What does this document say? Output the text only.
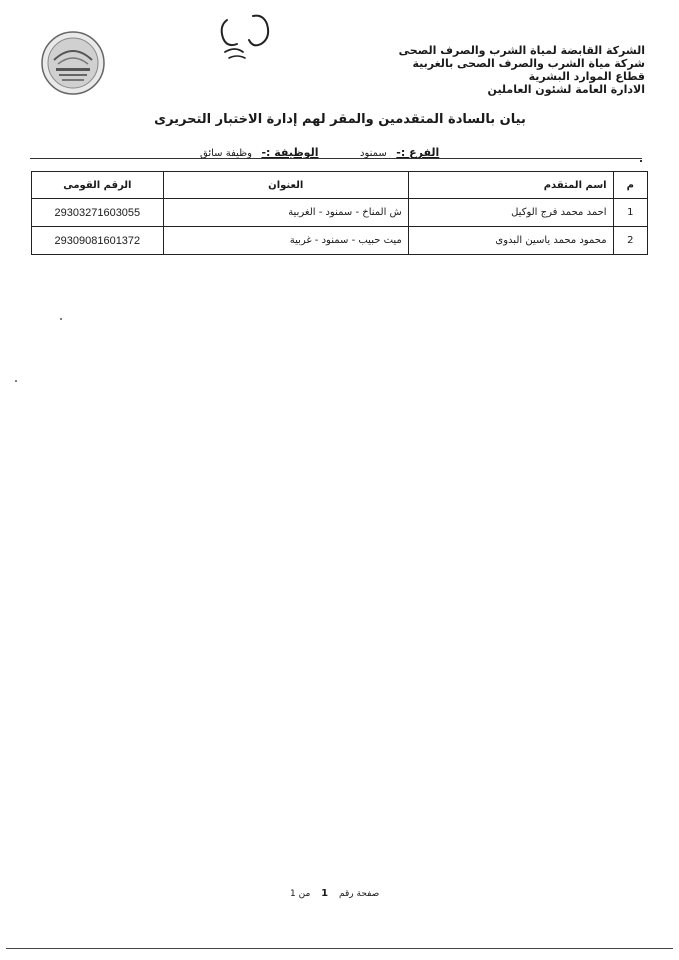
الشركة القابضة لمياة الشرب والصرف الصحى
شركة مياة الشرب والصرف الصحى بالغربية
قطاع الموارد البشرية
الادارة العامة لشئون العاملين
بيان بالسادة المتقدمين والمقر لهم إدارة الاختبار التحريرى
الفرع :- سمنود
الوظيفة :- وظيفة سائق
م	اسم المتقدم	العنوان	الرقم القومى
1	احمد محمد فرج الوكيل	ش المناخ - سمنود - الغربية	29303271603055
2	محمود محمد ياسين البدوى	ميت حبيب - سمنود - غربية	29309081601372
صفحة رقم 1 من 1
